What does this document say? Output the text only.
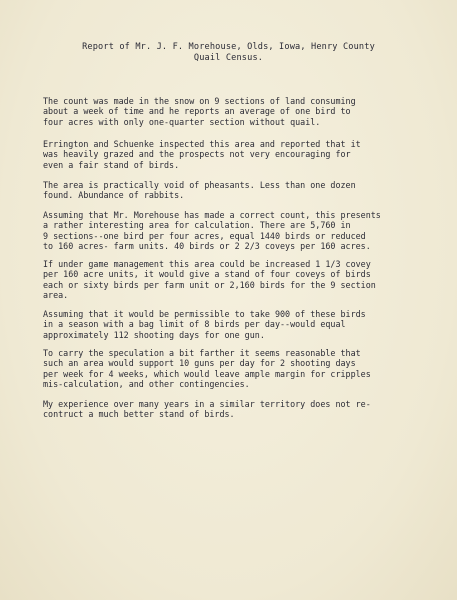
Report of Mr. J. F. Morehouse, Olds, Iowa, Henry County
Quail Census.
The count was made in the snow on 9 sections of land consuming
about a week of time and he reports an average of one bird to
four acres with only one-quarter section without quail.
Errington and Schuenke inspected this area and reported that it
was heavily grazed and the prospects not very encouraging for
even a fair stand of birds.
The area is practically void of pheasants. Less than one dozen
found. Abundance of rabbits.
Assuming that Mr. Morehouse has made a correct count, this presents
a rather interesting area for calculation. There are 5,760 in
9 sections--one bird per four acres, equal 1440 birds or reduced
to 160 acres- farm units. 40 birds or 2 2/3 coveys per 160 acres.
If under game management this area could be increased 1 1/3 covey
per 160 acre units, it would give a stand of four coveys of birds
each or sixty birds per farm unit or 2,160 birds for the 9 section
area.
Assuming that it would be permissible to take 900 of these birds
in a season with a bag limit of 8 birds per day--would equal
approximately 112 shooting days for one gun.
To carry the speculation a bit farther it seems reasonable that
such an area would support 10 guns per day for 2 shooting days
per week for 4 weeks, which would leave ample margin for cripples
mis-calculation, and other contingencies.
My experience over many years in a similar territory does not re-
contruct a much better stand of birds.
